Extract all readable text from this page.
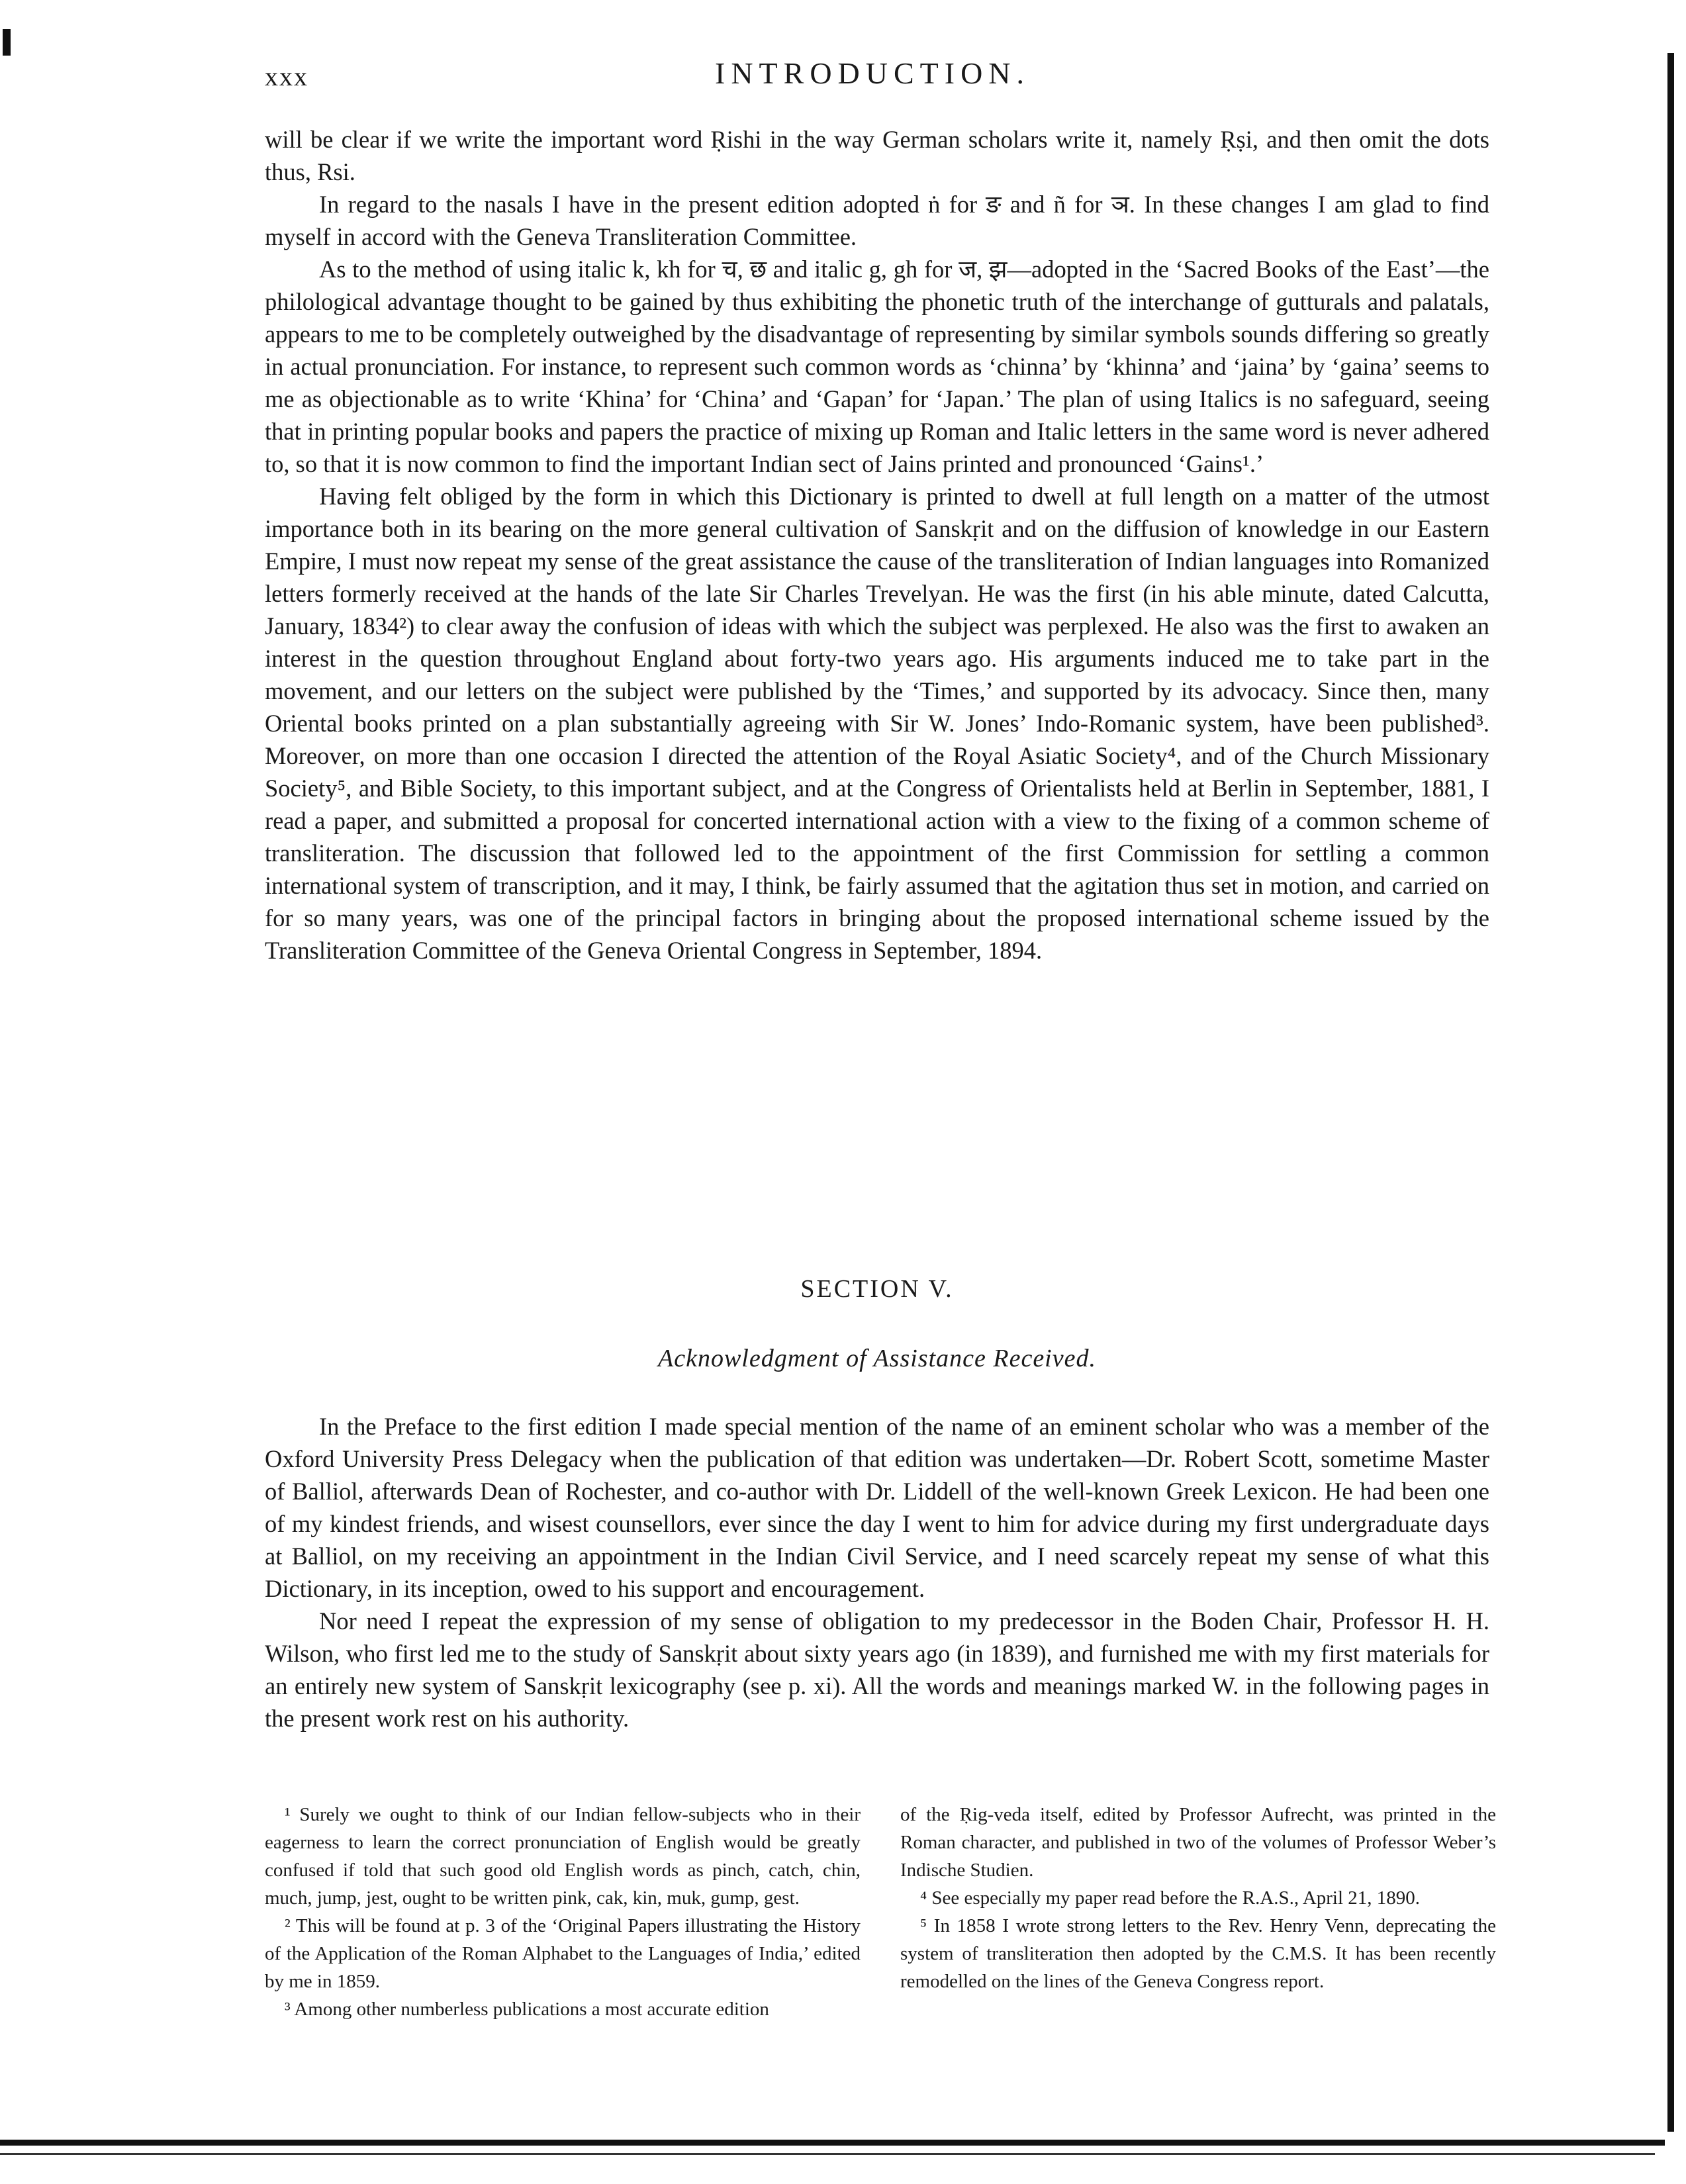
xxx	INTRODUCTION.

will be clear if we write the important word Ṛishi in the way German scholars write it, namely Ṛṣi, and then omit the dots thus, Rsi.

In regard to the nasals I have in the present edition adopted ṅ for ङ and ñ for ञ. In these changes I am glad to find myself in accord with the Geneva Transliteration Committee.

As to the method of using italic k, kh for च, छ and italic g, gh for ज, झ—adopted in the ‘Sacred Books of the East’—the philological advantage thought to be gained by thus exhibiting the phonetic truth of the interchange of gutturals and palatals, appears to me to be completely outweighed by the disadvantage of representing by similar symbols sounds differing so greatly in actual pronunciation. For instance, to represent such common words as ‘chinna’ by ‘khinna’ and ‘jaina’ by ‘gaina’ seems to me as objectionable as to write ‘Khina’ for ‘China’ and ‘Gapan’ for ‘Japan.’ The plan of using Italics is no safeguard, seeing that in printing popular books and papers the practice of mixing up Roman and Italic letters in the same word is never adhered to, so that it is now common to find the important Indian sect of Jains printed and pronounced ‘Gains¹.’

Having felt obliged by the form in which this Dictionary is printed to dwell at full length on a matter of the utmost importance both in its bearing on the more general cultivation of Sanskṛit and on the diffusion of knowledge in our Eastern Empire, I must now repeat my sense of the great assistance the cause of the transliteration of Indian languages into Romanized letters formerly received at the hands of the late Sir Charles Trevelyan. He was the first (in his able minute, dated Calcutta, January, 1834²) to clear away the confusion of ideas with which the subject was perplexed. He also was the first to awaken an interest in the question throughout England about forty-two years ago. His arguments induced me to take part in the movement, and our letters on the subject were published by the ‘Times,’ and supported by its advocacy. Since then, many Oriental books printed on a plan substantially agreeing with Sir W. Jones’ Indo-Romanic system, have been published³. Moreover, on more than one occasion I directed the attention of the Royal Asiatic Society⁴, and of the Church Missionary Society⁵, and Bible Society, to this important subject, and at the Congress of Orientalists held at Berlin in September, 1881, I read a paper, and submitted a proposal for concerted international action with a view to the fixing of a common scheme of transliteration. The discussion that followed led to the appointment of the first Commission for settling a common international system of transcription, and it may, I think, be fairly assumed that the agitation thus set in motion, and carried on for so many years, was one of the principal factors in bringing about the proposed international scheme issued by the Transliteration Committee of the Geneva Oriental Congress in September, 1894.

SECTION V.
Acknowledgment of Assistance Received.

In the Preface to the first edition I made special mention of the name of an eminent scholar who was a member of the Oxford University Press Delegacy when the publication of that edition was undertaken—Dr. Robert Scott, sometime Master of Balliol, afterwards Dean of Rochester, and co-author with Dr. Liddell of the well-known Greek Lexicon. He had been one of my kindest friends, and wisest counsellors, ever since the day I went to him for advice during my first undergraduate days at Balliol, on my receiving an appointment in the Indian Civil Service, and I need scarcely repeat my sense of what this Dictionary, in its inception, owed to his support and encouragement.

Nor need I repeat the expression of my sense of obligation to my predecessor in the Boden Chair, Professor H. H. Wilson, who first led me to the study of Sanskṛit about sixty years ago (in 1839), and furnished me with my first materials for an entirely new system of Sanskṛit lexicography (see p. xi). All the words and meanings marked W. in the following pages in the present work rest on his authority.

¹ Surely we ought to think of our Indian fellow-subjects who in their eagerness to learn the correct pronunciation of English would be greatly confused if told that such good old English words as pinch, catch, chin, much, jump, jest, ought to be written pink, cak, kin, muk, gump, gest.

² This will be found at p. 3 of the ‘Original Papers illustrating the History of the Application of the Roman Alphabet to the Languages of India,’ edited by me in 1859.

³ Among other numberless publications a most accurate edition

of the Ṛig-veda itself, edited by Professor Aufrecht, was printed in the Roman character, and published in two of the volumes of Professor Weber’s Indische Studien.

⁴ See especially my paper read before the R.A.S., April 21, 1890.

⁵ In 1858 I wrote strong letters to the Rev. Henry Venn, deprecating the system of transliteration then adopted by the C.M.S. It has been recently remodelled on the lines of the Geneva Congress report.
